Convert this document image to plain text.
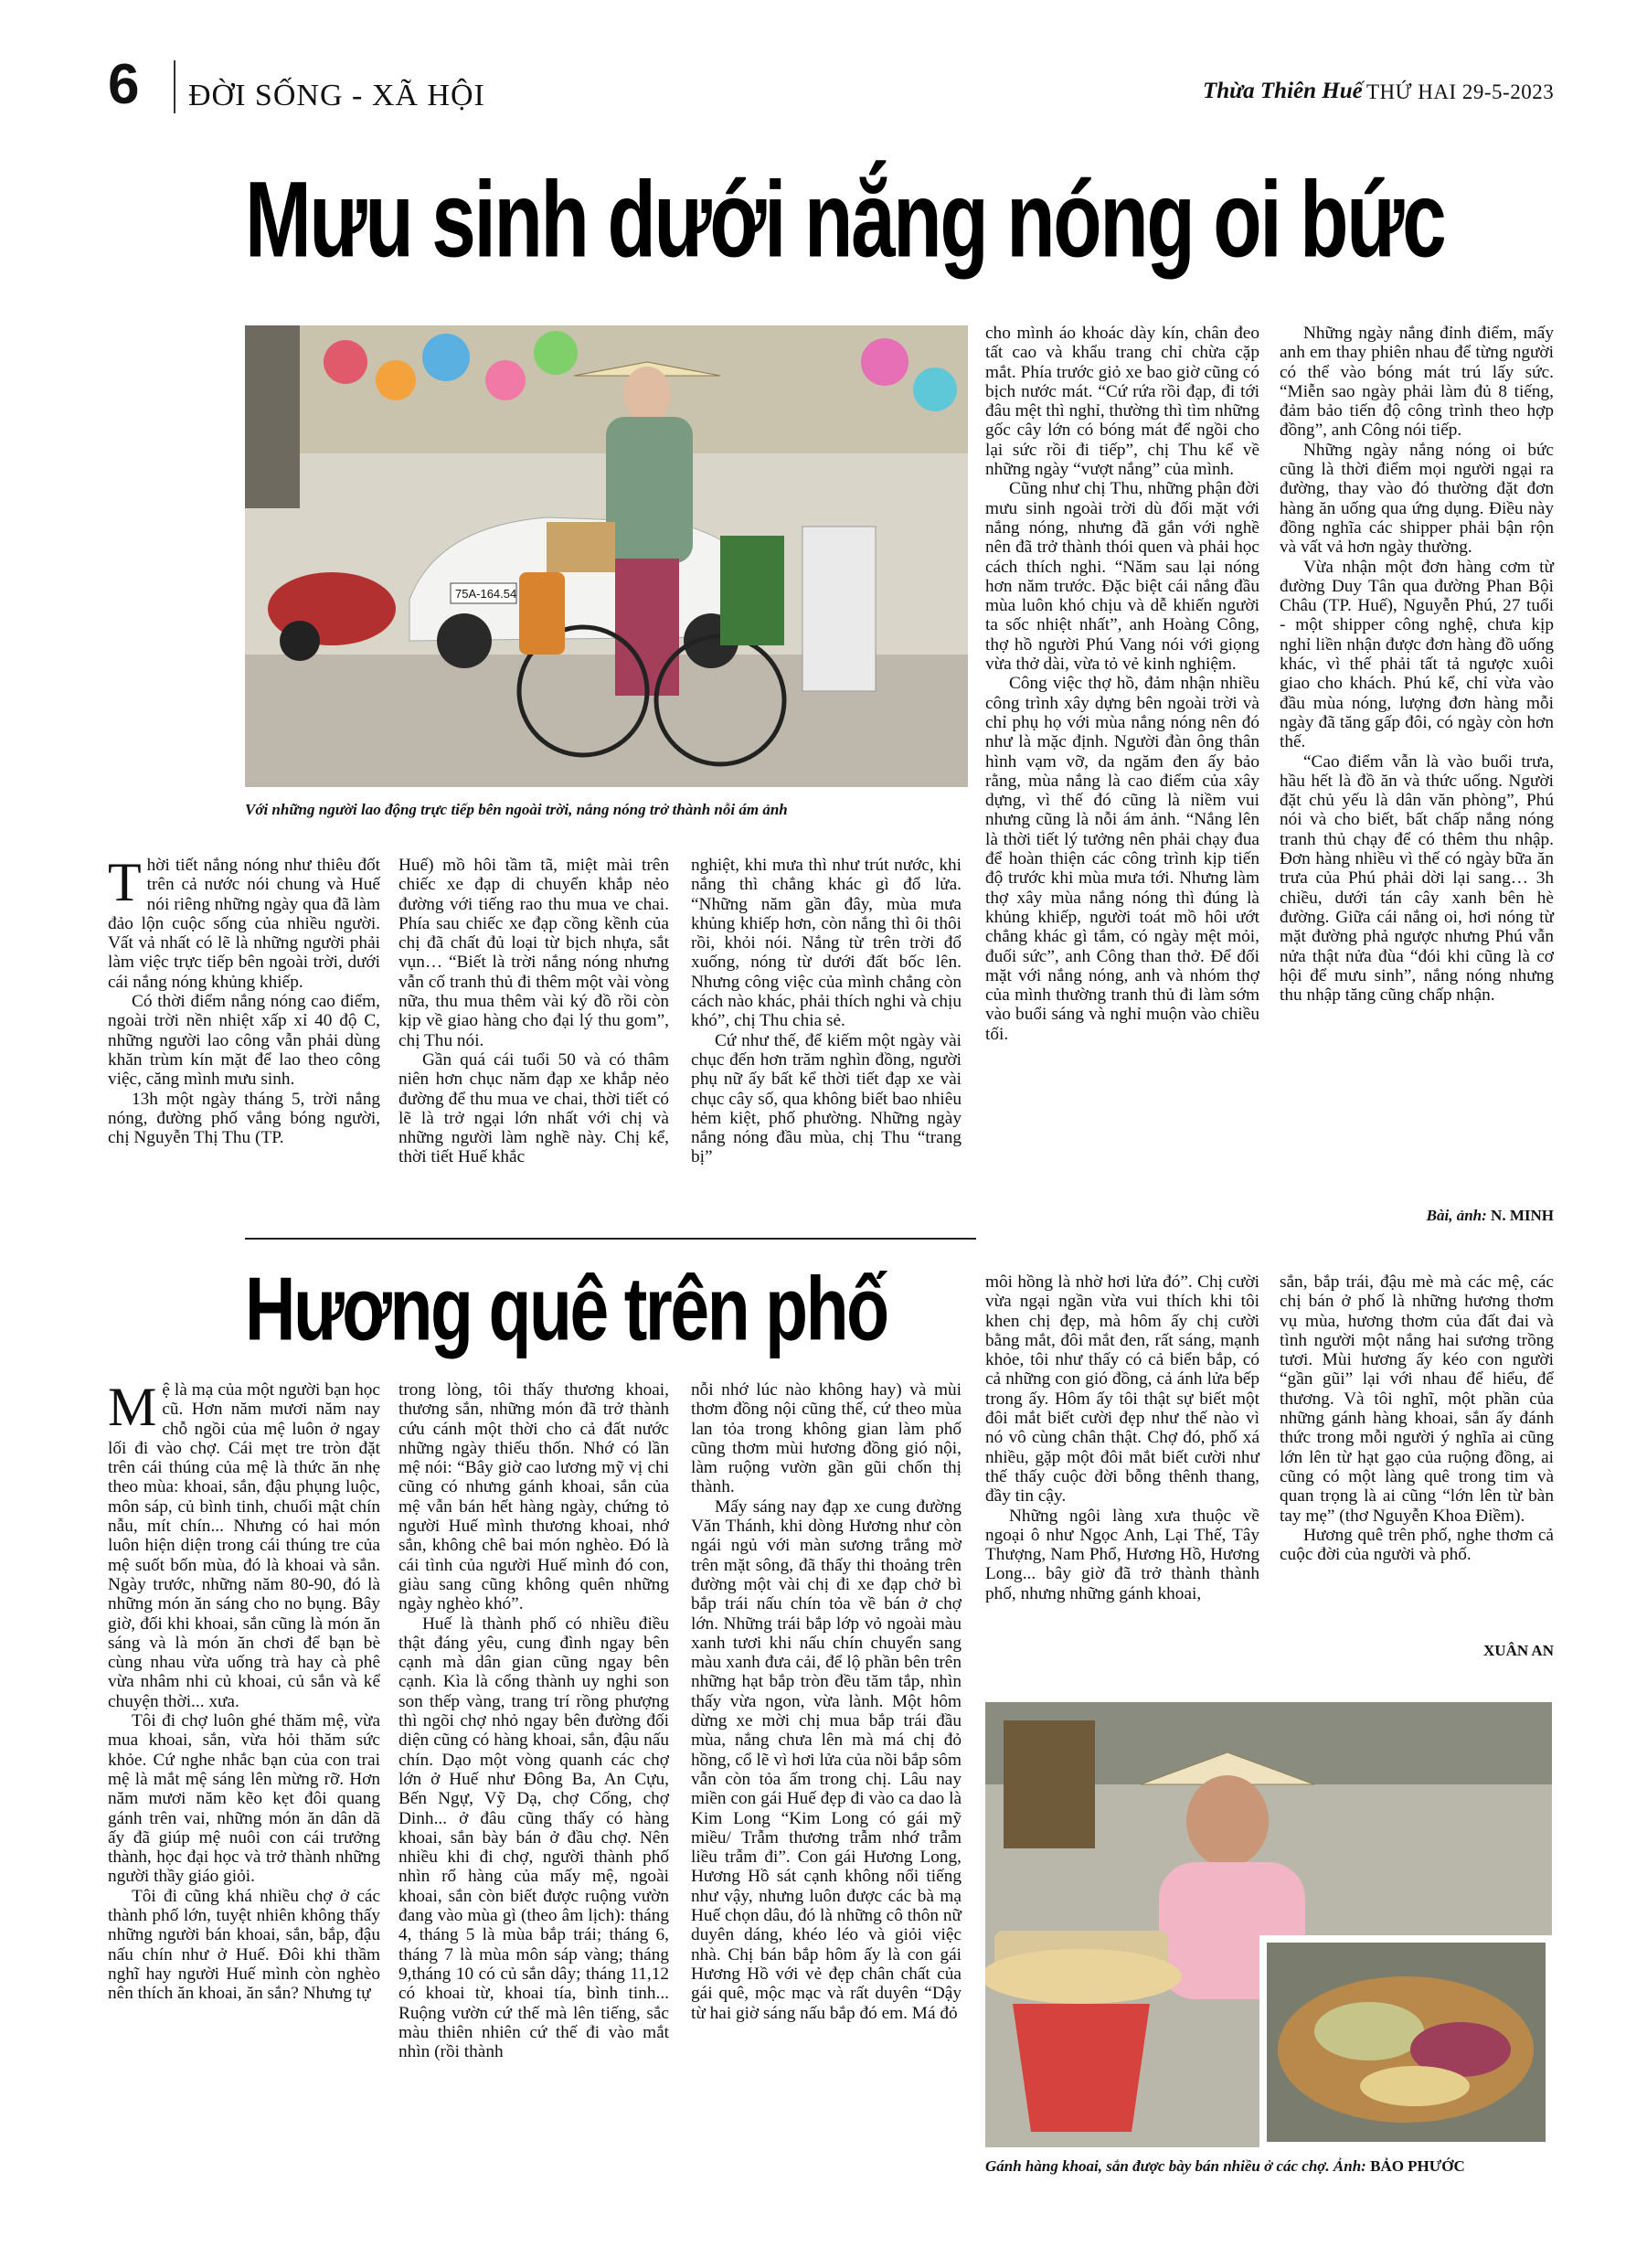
6 ĐỜI SỐNG - XÃ HỘI	Thừa Thiên Huế THỨ HAI 29-5-2023
Mưu sinh dưới nắng nóng oi bức
75A-164.54
Với những người lao động trực tiếp bên ngoài trời, nắng nóng trở thành nỗi ám ảnh
T hời tiết nắng nóng như thiêu đốt trên cả nước nói chung và Huế nói riêng những ngày qua đã làm đảo lộn cuộc sống của nhiều người. Vất vả nhất có lẽ là những người phải làm việc trực tiếp bên ngoài trời, dưới cái nắng nóng khủng khiếp.

Có thời điểm nắng nóng cao điểm, ngoài trời nền nhiệt xấp xỉ 40 độ C, những người lao công vẫn phải dùng khăn trùm kín mặt để lao theo công việc, căng mình mưu sinh.

13h một ngày tháng 5, trời nắng nóng, đường phố vắng bóng người, chị Nguyễn Thị Thu (TP.

Huế) mồ hôi tầm tã, miệt mài trên chiếc xe đạp di chuyển khắp nẻo đường với tiếng rao thu mua ve chai. Phía sau chiếc xe đạp cồng kềnh của chị đã chất đủ loại từ bịch nhựa, sắt vụn… “Biết là trời nắng nóng nhưng vẫn cố tranh thủ đi thêm một vài vòng nữa, thu mua thêm vài ký đồ rồi còn kịp về giao hàng cho đại lý thu gom”, chị Thu nói.

Gần quá cái tuổi 50 và có thâm niên hơn chục năm đạp xe khắp nẻo đường để thu mua ve chai, thời tiết có lẽ là trở ngại lớn nhất với chị và những người làm nghề này. Chị kể, thời tiết Huế khắc

nghiệt, khi mưa thì như trút nước, khi nắng thì chẳng khác gì đổ lửa. “Những năm gần đây, mùa mưa khủng khiếp hơn, còn nắng thì ôi thôi rồi, khỏi nói. Nắng từ trên trời đổ xuống, nóng từ dưới đất bốc lên. Nhưng công việc của mình chẳng còn cách nào khác, phải thích nghi và chịu khó”, chị Thu chia sẻ.

Cứ như thế, để kiếm một ngày vài chục đến hơn trăm nghìn đồng, người phụ nữ ấy bất kể thời tiết đạp xe vài chục cây số, qua không biết bao nhiêu hẻm kiệt, phố phường. Những ngày nắng nóng đầu mùa, chị Thu “trang bị”

cho mình áo khoác dày kín, chân đeo tất cao và khẩu trang chỉ chừa cặp mắt. Phía trước giỏ xe bao giờ cũng có bịch nước mát. “Cứ rứa rồi đạp, đi tới đâu mệt thì nghỉ, thường thì tìm những gốc cây lớn có bóng mát để ngồi cho lại sức rồi đi tiếp”, chị Thu kể về những ngày “vượt nắng” của mình.

Cũng như chị Thu, những phận đời mưu sinh ngoài trời dù đối mặt với nắng nóng, nhưng đã gắn với nghề nên đã trở thành thói quen và phải học cách thích nghi. “Năm sau lại nóng hơn năm trước. Đặc biệt cái nắng đầu mùa luôn khó chịu và dễ khiến người ta sốc nhiệt nhất”, anh Hoàng Công, thợ hồ người Phú Vang nói với giọng vừa thở dài, vừa tỏ vẻ kinh nghiệm.

Công việc thợ hồ, đảm nhận nhiều công trình xây dựng bên ngoài trời và chỉ phụ họ với mùa nắng nóng nên đó như là mặc định. Người đàn ông thân hình vạm vỡ, da ngăm đen ấy bảo rằng, mùa nắng là cao điểm của xây dựng, vì thế đó cũng là niềm vui nhưng cũng là nỗi ám ảnh. “Nắng lên là thời tiết lý tưởng nên phải chạy đua để hoàn thiện các công trình kịp tiến độ trước khi mùa mưa tới. Nhưng làm thợ xây mùa nắng nóng thì đúng là khủng khiếp, người toát mồ hôi ướt chẳng khác gì tắm, có ngày mệt mỏi, đuối sức”, anh Công than thở. Để đối mặt với nắng nóng, anh và nhóm thợ của mình thường tranh thủ đi làm sớm vào buổi sáng và nghỉ muộn vào chiều tối.

Những ngày nắng đỉnh điểm, mấy anh em thay phiên nhau để từng người có thể vào bóng mát trú lấy sức. “Miễn sao ngày phải làm đủ 8 tiếng, đảm bảo tiến độ công trình theo hợp đồng”, anh Công nói tiếp.

Những ngày nắng nóng oi bức cũng là thời điểm mọi người ngại ra đường, thay vào đó thường đặt đơn hàng ăn uống qua ứng dụng. Điều này đồng nghĩa các shipper phải bận rộn và vất vả hơn ngày thường.

Vừa nhận một đơn hàng cơm từ đường Duy Tân qua đường Phan Bội Châu (TP. Huế), Nguyễn Phú, 27 tuổi - một shipper công nghệ, chưa kịp nghỉ liền nhận được đơn hàng đồ uống khác, vì thế phải tất tả ngược xuôi giao cho khách. Phú kể, chỉ vừa vào đầu mùa nóng, lượng đơn hàng mỗi ngày đã tăng gấp đôi, có ngày còn hơn thế.

“Cao điểm vẫn là vào buổi trưa, hầu hết là đồ ăn và thức uống. Người đặt chủ yếu là dân văn phòng”, Phú nói và cho biết, bất chấp nắng nóng tranh thủ chạy để có thêm thu nhập. Đơn hàng nhiều vì thế có ngày bữa ăn trưa của Phú phải dời lại sang… 3h chiều, dưới tán cây xanh bên hè đường. Giữa cái nắng oi, hơi nóng từ mặt đường phả ngược nhưng Phú vẫn nửa thật nửa đùa “đói khi cũng là cơ hội để mưu sinh”, nắng nóng nhưng thu nhập tăng cũng chấp nhận.

Bài, ảnh: N. MINH
Hương quê trên phố
M ệ là mạ của một người bạn học cũ. Hơn năm mươi năm nay chỗ ngồi của mệ luôn ở ngay lối đi vào chợ. Cái mẹt tre tròn đặt trên cái thúng của mệ là thức ăn nhẹ theo mùa: khoai, sắn, đậu phụng luộc, môn sáp, củ bình tinh, chuối mật chín nẫu, mít chín... Nhưng có hai món luôn hiện diện trong cái thúng tre của mệ suốt bốn mùa, đó là khoai và sắn. Ngày trước, những năm 80-90, đó là những món ăn sáng cho no bụng. Bây giờ, đối khi khoai, sắn cũng là món ăn sáng và là món ăn chơi để bạn bè cùng nhau vừa uống trà hay cà phê vừa nhâm nhi củ khoai, củ sắn và kể chuyện thời... xưa.

Tôi đi chợ luôn ghé thăm mệ, vừa mua khoai, sắn, vừa hỏi thăm sức khỏe. Cứ nghe nhắc bạn của con trai mệ là mắt mệ sáng lên mừng rỡ. Hơn năm mươi năm kẽo kẹt đôi quang gánh trên vai, những món ăn dân dã ấy đã giúp mệ nuôi con cái trưởng thành, học đại học và trở thành những người thầy giáo giỏi.

Tôi đi cũng khá nhiều chợ ở các thành phố lớn, tuyệt nhiên không thấy những người bán khoai, sắn, bắp, đậu nấu chín như ở Huế. Đôi khi thầm nghĩ hay người Huế mình còn nghèo nên thích ăn khoai, ăn sắn? Nhưng tự

trong lòng, tôi thấy thương khoai, thương sắn, những món đã trở thành cứu cánh một thời cho cả đất nước những ngày thiếu thốn. Nhớ có lần mệ nói: “Bây giờ cao lương mỹ vị chi cũng có nhưng gánh khoai, sắn của mệ vẫn bán hết hàng ngày, chứng tỏ người Huế mình thương khoai, nhớ sắn, không chê bai món nghèo. Đó là cái tình của người Huế mình đó con, giàu sang cũng không quên những ngày nghèo khó”.

Huế là thành phố có nhiều điều thật đáng yêu, cung đình ngay bên cạnh mà dân gian cũng ngay bên cạnh. Kìa là cổng thành uy nghi son son thếp vàng, trang trí rồng phượng thì ngõi chợ nhỏ ngay bên đường đối diện cũng có hàng khoai, sắn, đậu nấu chín. Dạo một vòng quanh các chợ lớn ở Huế như Đông Ba, An Cựu, Bến Ngự, Vỹ Dạ, chợ Cống, chợ Dinh... ở đâu cũng thấy có hàng khoai, sắn bày bán ở đầu chợ. Nên nhiều khi đi chợ, người thành phố nhìn rổ hàng của mấy mệ, ngoài khoai, sắn còn biết được ruộng vườn đang vào mùa gì (theo âm lịch): tháng 4, tháng 5 là mùa bắp trái; tháng 6, tháng 7 là mùa môn sáp vàng; tháng 9,tháng 10 có củ sắn dây; tháng 11,12 có khoai từ, khoai tía, bình tinh... Ruộng vườn cứ thế mà lên tiếng, sắc màu thiên nhiên cứ thế đi vào mắt nhìn (rồi thành

nỗi nhớ lúc nào không hay) và mùi thơm đồng nội cũng thế, cứ theo mùa lan tỏa trong không gian làm phố cũng thơm mùi hương đồng gió nội, làm ruộng vườn gần gũi chốn thị thành.

Mấy sáng nay đạp xe cung đường Văn Thánh, khi dòng Hương như còn ngái ngủ với màn sương trắng mờ trên mặt sông, đã thấy thi thoảng trên đường một vài chị đi xe đạp chở bì bắp trái nấu chín tỏa về bán ở chợ lớn. Những trái bắp lớp vỏ ngoài màu xanh tươi khi nấu chín chuyển sang màu xanh đưa cải, để lộ phần bên trên những hạt bắp tròn đều tăm tắp, nhìn thấy vừa ngon, vừa lành. Một hôm dừng xe mời chị mua bắp trái đầu mùa, nắng chưa lên mà má chị đỏ hồng, cổ lẽ vì hơi lửa của nồi bắp sôm vẫn còn tỏa ấm trong chị. Lâu nay miền con gái Huế đẹp đi vào ca dao là Kim Long “Kim Long có gái mỹ miều/ Trẫm thương trẫm nhớ trẫm liều trẫm đi”. Con gái Hương Long, Hương Hồ sát cạnh không nổi tiếng như vậy, nhưng luôn được các bà mạ Huế chọn dâu, đó là những cô thôn nữ duyên dáng, khéo léo và giỏi việc nhà. Chị bán bắp hôm ấy là con gái Hương Hồ với vẻ đẹp chân chất của gái quê, mộc mạc và rất duyên “Dậy từ hai giờ sáng nấu bắp đó em. Má đỏ

môi hồng là nhờ hơi lửa đó”. Chị cười vừa ngại ngần vừa vui thích khi tôi khen chị đẹp, mà hôm ấy chị cười bằng mắt, đôi mắt đen, rất sáng, mạnh khỏe, tôi như thấy có cả biển bắp, có cả những con gió đồng, cả ánh lửa bếp trong ấy. Hôm ấy tôi thật sự biết một đôi mắt biết cười đẹp như thế nào vì nó vô cùng chân thật. Chợ đó, phố xá nhiều, gặp một đôi mắt biết cười như thế thấy cuộc đời bỗng thênh thang, đầy tin cậy.

Những ngôi làng xưa thuộc về ngoại ô như Ngọc Anh, Lại Thế, Tây Thượng, Nam Phổ, Hương Hồ, Hương Long... bây giờ đã trở thành thành phố, nhưng những gánh khoai,

sắn, bắp trái, đậu mè mà các mệ, các chị bán ở phố là những hương thơm vụ mùa, hương thơm của đất đai và tình người một nắng hai sương trồng tươi. Mùi hương ấy kéo con người “gần gũi” lại với nhau để hiểu, để thương. Và tôi nghĩ, một phần của những gánh hàng khoai, sắn ấy đánh thức trong mỗi người ý nghĩa ai cũng lớn lên từ hạt gạo của ruộng đồng, ai cũng có một làng quê trong tim và quan trọng là ai cũng “lớn lên từ bàn tay mẹ” (thơ Nguyễn Khoa Điềm).

Hương quê trên phố, nghe thơm cả cuộc đời của người và phố.

XUÂN AN
Gánh hàng khoai, sắn được bày bán nhiều ở các chợ. Ảnh: BẢO PHƯỚC
